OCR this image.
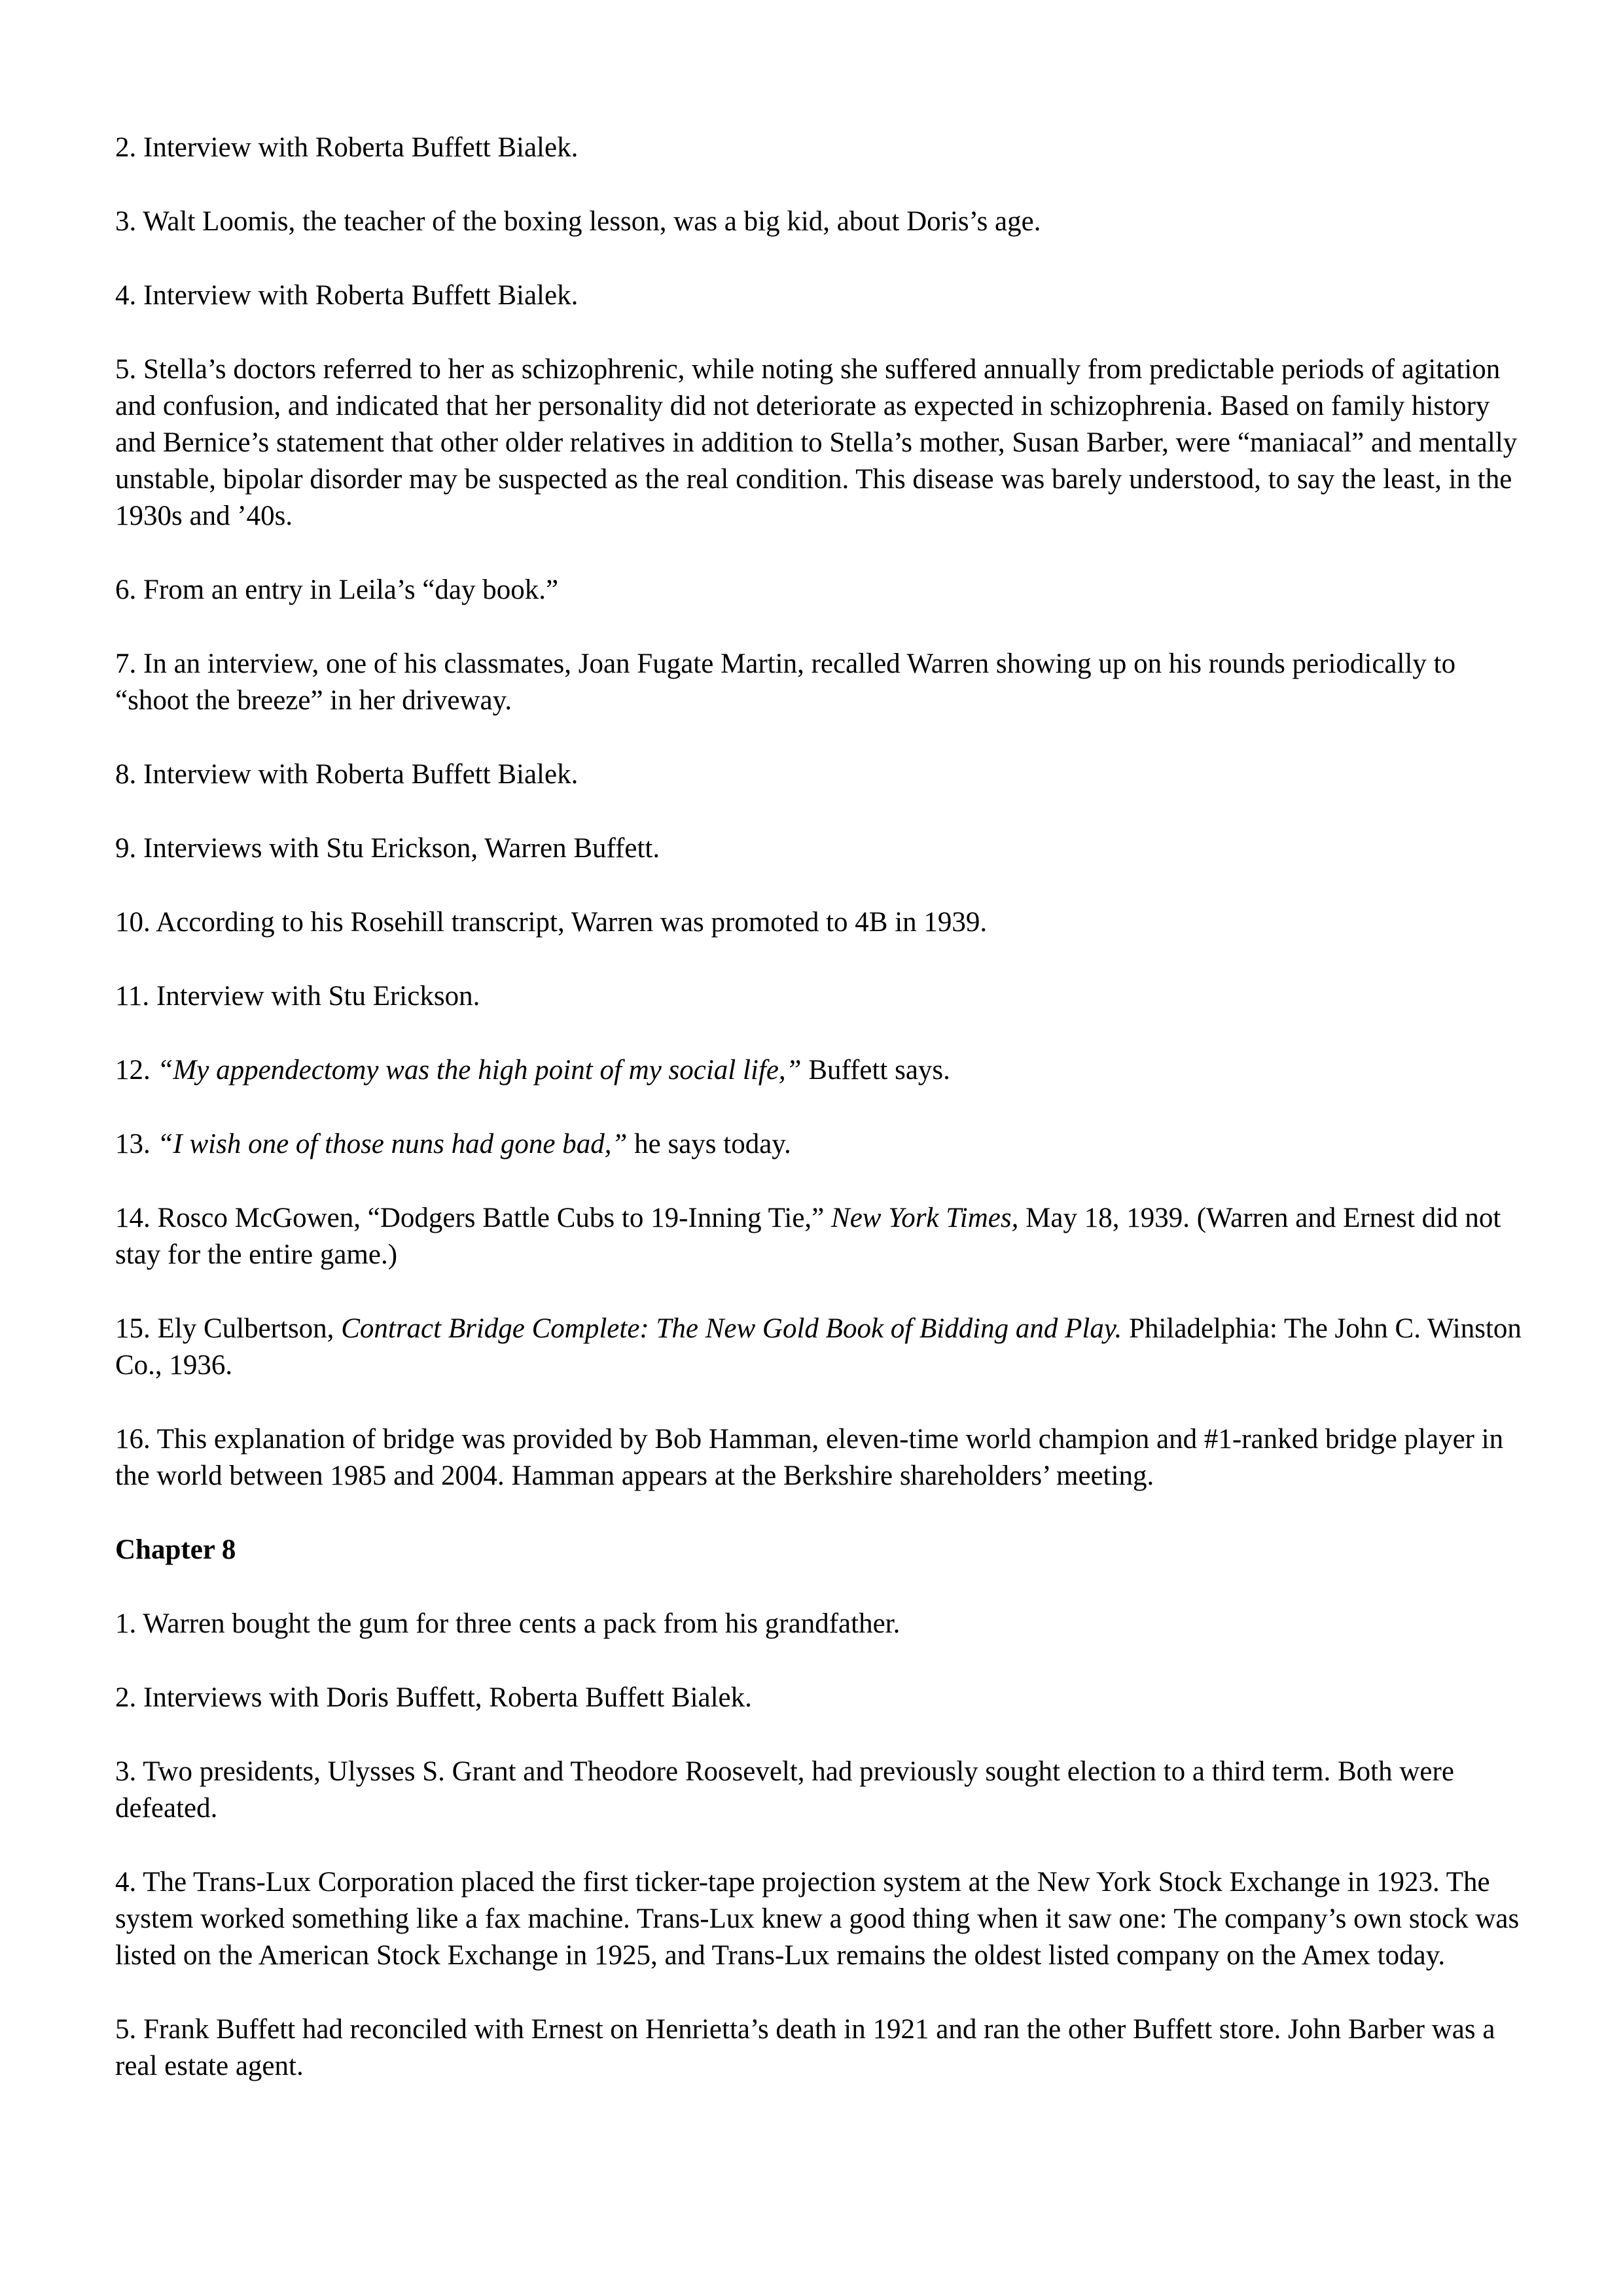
2. Interview with Roberta Buffett Bialek.

3. Walt Loomis, the teacher of the boxing lesson, was a big kid, about Doris’s age.

4. Interview with Roberta Buffett Bialek.

5. Stella’s doctors referred to her as schizophrenic, while noting she suffered annually from predictable periods of agitation and confusion, and indicated that her personality did not deteriorate as expected in schizophrenia. Based on family history and Bernice’s statement that other older relatives in addition to Stella’s mother, Susan Barber, were “maniacal” and mentally unstable, bipolar disorder may be suspected as the real condition. This disease was barely understood, to say the least, in the 1930s and ’40s.

6. From an entry in Leila’s “day book.”

7. In an interview, one of his classmates, Joan Fugate Martin, recalled Warren showing up on his rounds periodically to “shoot the breeze” in her driveway.

8. Interview with Roberta Buffett Bialek.

9. Interviews with Stu Erickson, Warren Buffett.

10. According to his Rosehill transcript, Warren was promoted to 4B in 1939.

11. Interview with Stu Erickson.

12. “My appendectomy was the high point of my social life,” Buffett says.

13. “I wish one of those nuns had gone bad,” he says today.

14. Rosco McGowen, “Dodgers Battle Cubs to 19-Inning Tie,” New York Times, May 18, 1939. (Warren and Ernest did not stay for the entire game.)

15. Ely Culbertson, Contract Bridge Complete: The New Gold Book of Bidding and Play. Philadelphia: The John C. Winston Co., 1936.

16. This explanation of bridge was provided by Bob Hamman, eleven-time world champion and #1-ranked bridge player in the world between 1985 and 2004. Hamman appears at the Berkshire shareholders’ meeting.

Chapter 8

1. Warren bought the gum for three cents a pack from his grandfather.

2. Interviews with Doris Buffett, Roberta Buffett Bialek.

3. Two presidents, Ulysses S. Grant and Theodore Roosevelt, had previously sought election to a third term. Both were defeated.

4. The Trans-Lux Corporation placed the first ticker-tape projection system at the New York Stock Exchange in 1923. The system worked something like a fax machine. Trans-Lux knew a good thing when it saw one: The company’s own stock was listed on the American Stock Exchange in 1925, and Trans-Lux remains the oldest listed company on the Amex today.

5. Frank Buffett had reconciled with Ernest on Henrietta’s death in 1921 and ran the other Buffett store. John Barber was a real estate agent.
